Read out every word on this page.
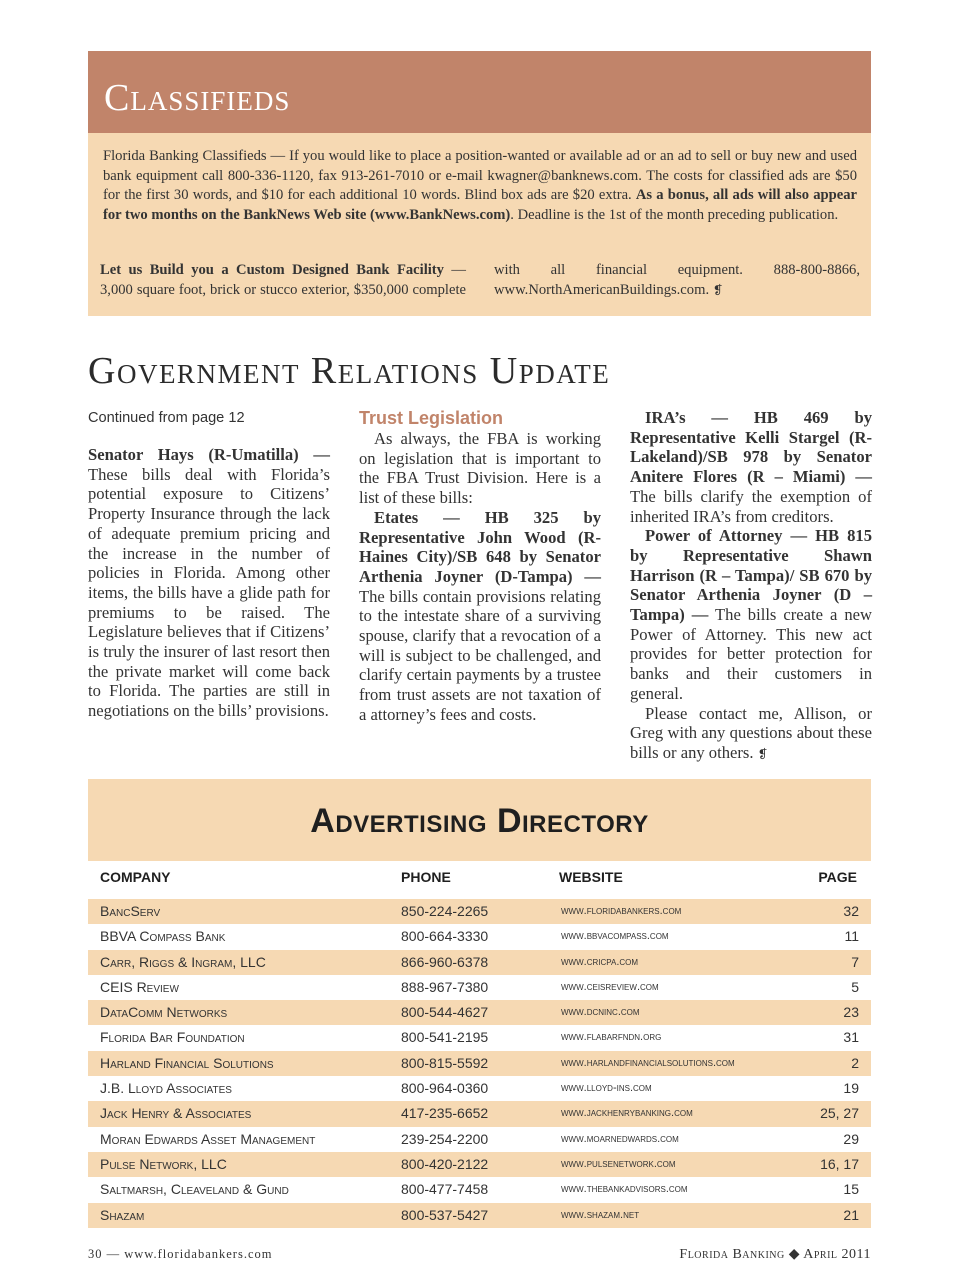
Classifieds
Florida Banking Classifieds — If you would like to place a position-wanted or available ad or an ad to sell or buy new and used bank equipment call 800-336-1120, fax 913-261-7010 or e-mail kwagner@banknews.com. The costs for classified ads are $50 for the first 30 words, and $10 for each additional 10 words. Blind box ads are $20 extra. As a bonus, all ads will also appear for two months on the BankNews Web site (www.BankNews.com). Deadline is the 1st of the month preceding publication.
Let us Build you a Custom Designed Bank Facility — 3,000 square foot, brick or stucco exterior, $350,000 complete with all financial equipment. 888-800-8866, www.NorthAmericanBuildings.com. ❡
Government Relations Update

Continued from page 12

Senator Hays (R-Umatilla) — These bills deal with Florida’s potential exposure to Citizens’ Property Insurance through the lack of adequate premium pricing and the increase in the number of policies in Florida. Among other items, the bills have a glide path for premiums to be raised. The Legislature believes that if Citizens’ is truly the insurer of last resort then the private market will come back to Florida. The parties are still in negotiations on the bills’ provisions.

Trust Legislation

As always, the FBA is working on legislation that is important to the FBA Trust Division. Here is a list of these bills:

Etates — HB 325 by Representative John Wood (R-Haines City)/SB 648 by Senator Arthenia Joyner (D-Tampa) —The bills contain provisions relating to the intestate share of a surviving spouse, clarify that a revocation of a will is subject to be challenged, and clarify certain payments by a trustee from trust assets are not taxation of a attorney’s fees and costs.

IRA’s — HB 469 by Representative Kelli Stargel (R-Lakeland)/SB 978 by Senator Anitere Flores (R – Miami) — The bills clarify the exemption of inherited IRA’s from creditors.

Power of Attorney — HB 815 by Representative Shawn Harrison (R – Tampa)/ SB 670 by Senator Arthenia Joyner (D – Tampa) — The bills create a new Power of Attorney. This new act provides for better protection for banks and their customers in general.

Please contact me, Allison, or Greg with any questions about these bills or any others. ❡

Advertising Directory
COMPANY	PHONE	WEBSITE	PAGE
BancServ	850-224-2265	www.floridabankers.com	32
BBVA Compass Bank	800-664-3330	www.bbvacompass.com	11
Carr, Riggs & Ingram, LLC	866-960-6378	www.cricpa.com	7
CEIS Review	888-967-7380	www.ceisreview.com	5
DataComm Networks	800-544-4627	www.dcninc.com	23
Florida Bar Foundation	800-541-2195	www.flabarfndn.org	31
Harland Financial Solutions	800-815-5592	www.harlandfinancialsolutions.com	2
J.B. Lloyd Associates	800-964-0360	www.lloyd-ins.com	19
Jack Henry & Associates	417-235-6652	www.jackhenrybanking.com	25, 27
Moran Edwards Asset Management	239-254-2200	www.moarnedwards.com	29
Pulse Network, LLC	800-420-2122	www.pulsenetwork.com	16, 17
Saltmarsh, Cleaveland & Gund	800-477-7458	www.thebankadvisors.com	15
Shazam	800-537-5427	www.shazam.net	21
30 — www.floridabankers.com	Florida Banking ◆ April 2011
